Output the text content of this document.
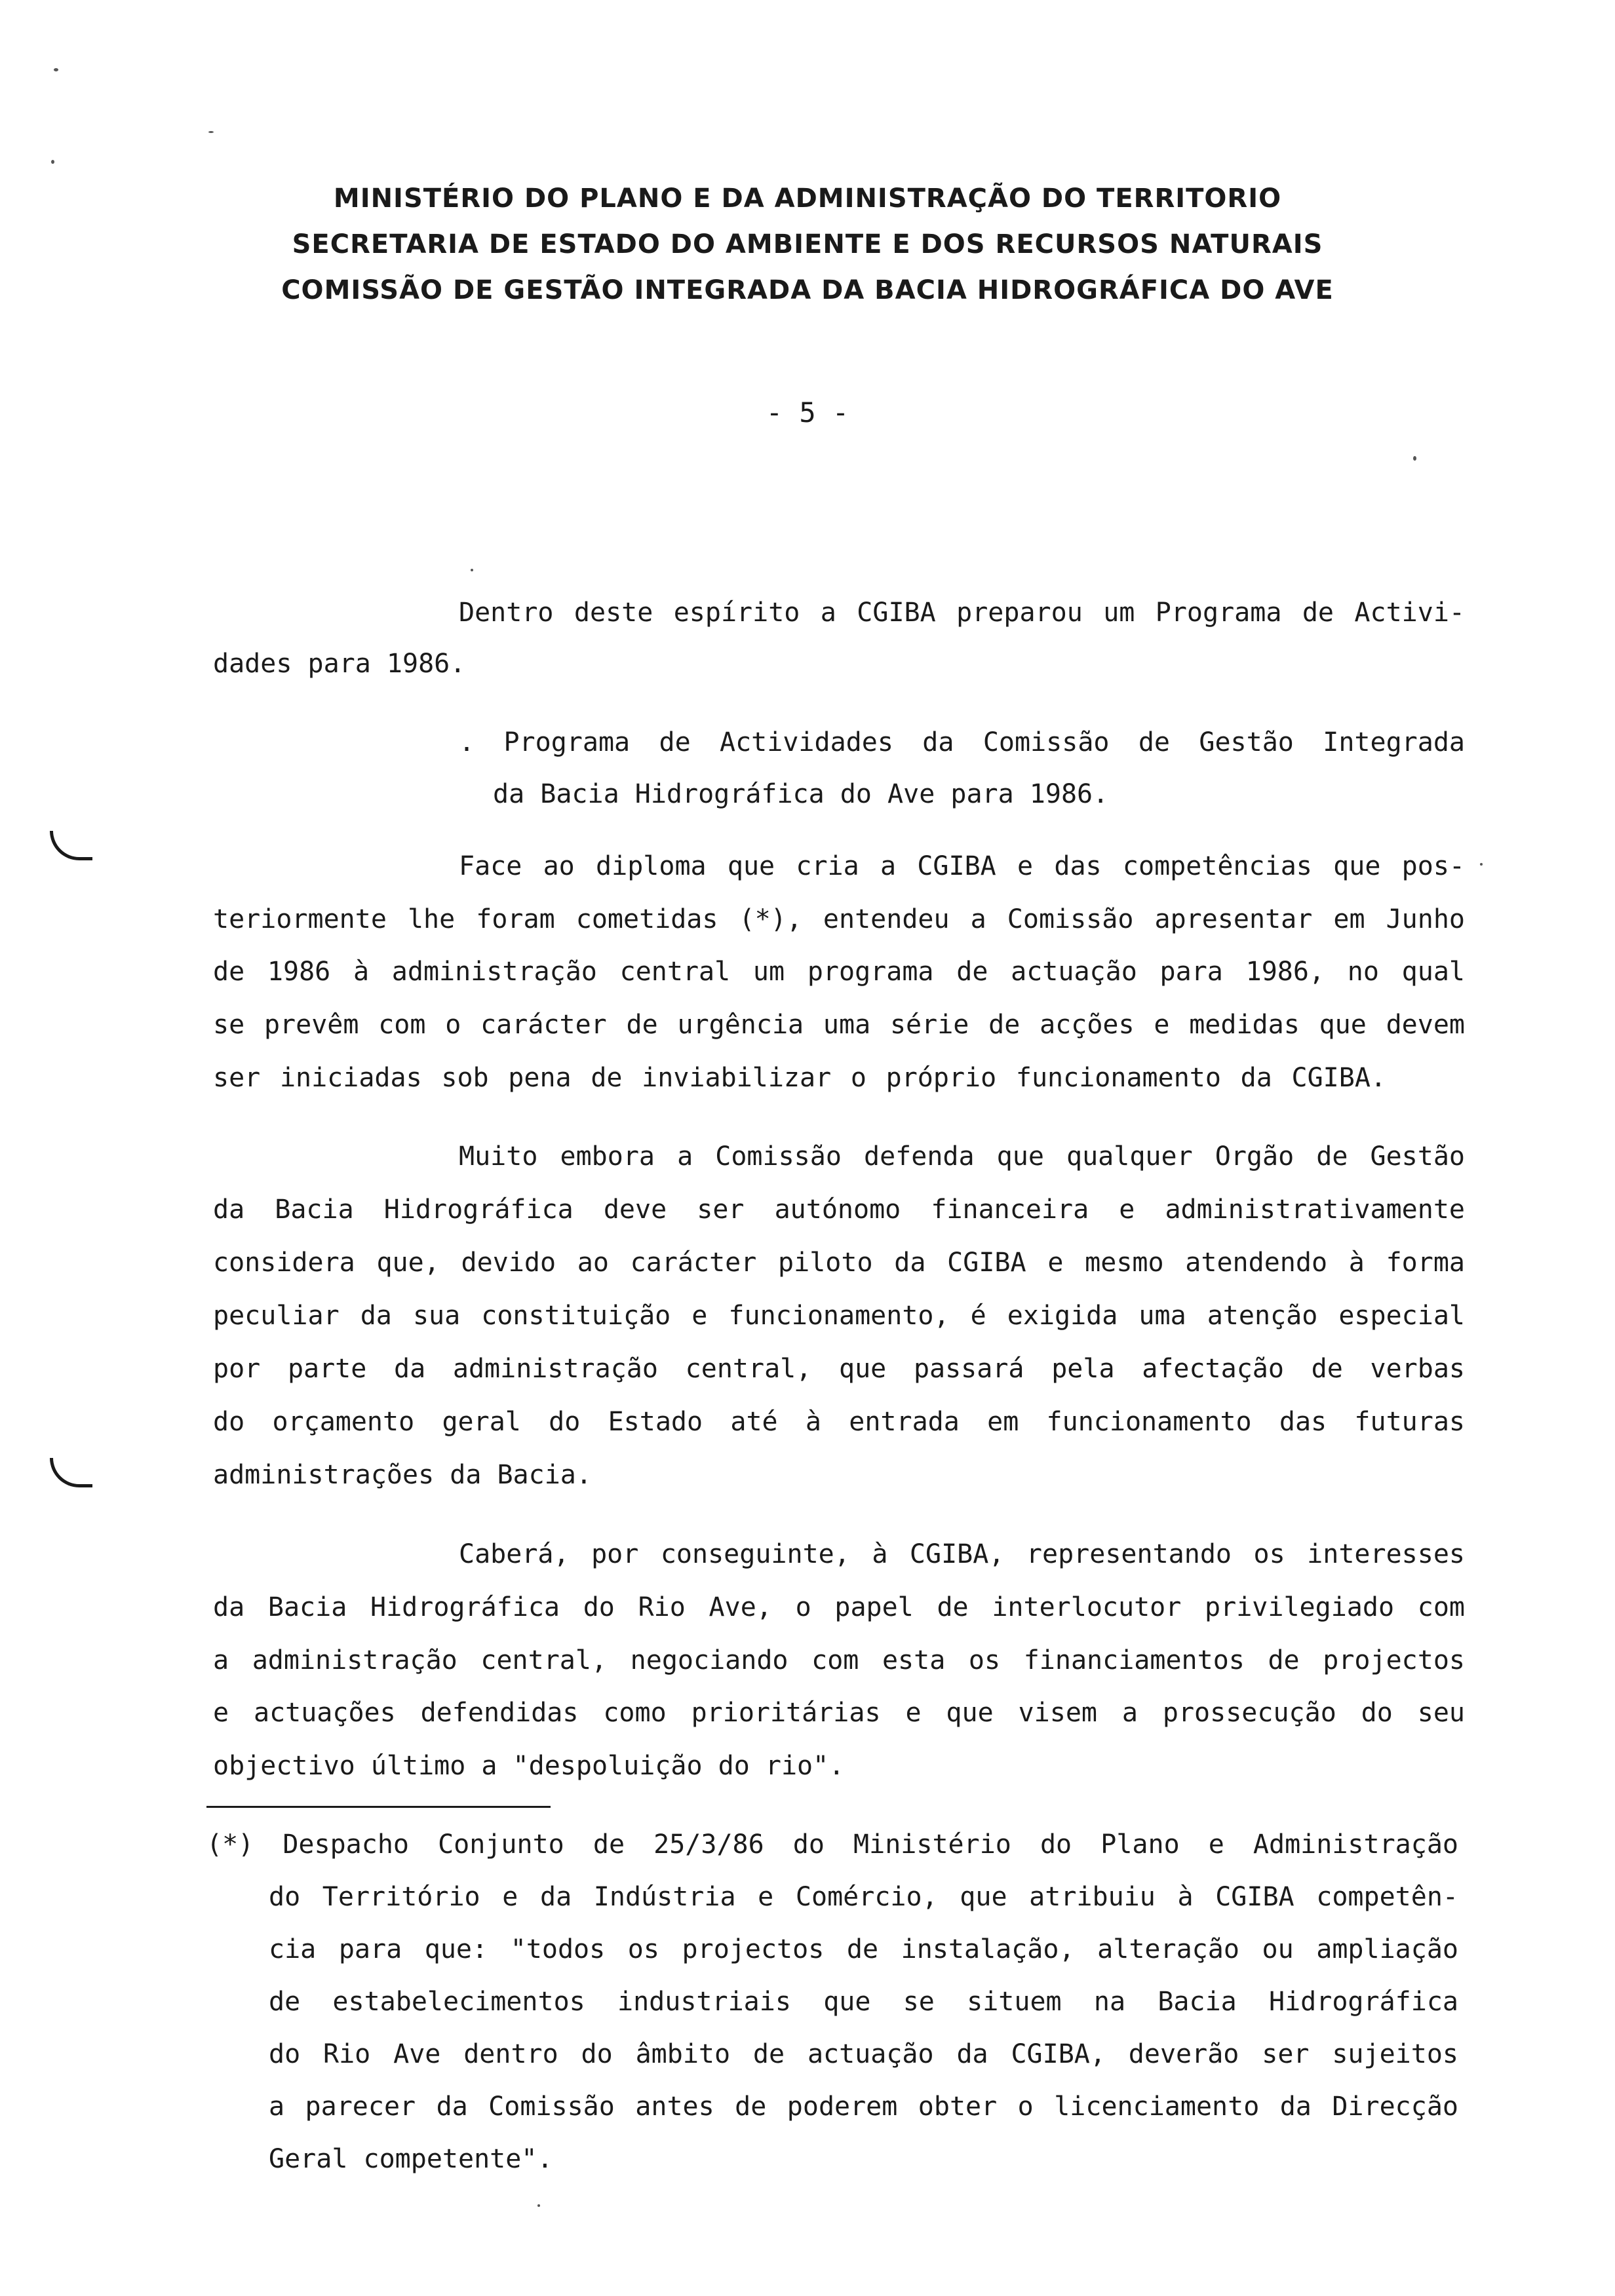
MINISTÉRIO DO PLANO E DA ADMINISTRAÇÃO DO TERRITORIO
SECRETARIA DE ESTADO DO AMBIENTE E DOS RECURSOS NATURAIS
COMISSÃO DE GESTÃO INTEGRADA DA BACIA HIDROGRÁFICA DO AVE
- 5 -
Dentro deste espírito a CGIBA preparou um Programa de Activi-
dades para 1986.
. Programa de Actividades da Comissão de Gestão Integrada
da Bacia Hidrográfica do Ave para 1986.
Face ao diploma que cria a CGIBA e das competências que pos-
teriormente lhe foram cometidas (*), entendeu a Comissão apresentar em Junho
de 1986 à administração central um programa de actuação para 1986, no qual
se prevêm com o carácter de urgência uma série de acções e medidas que devem
ser iniciadas sob pena de inviabilizar o próprio funcionamento da CGIBA.
Muito embora a Comissão defenda que qualquer Orgão de Gestão
da Bacia Hidrográfica deve ser autónomo financeira e administrativamente
considera que, devido ao carácter piloto da CGIBA e mesmo atendendo à forma
peculiar da sua constituição e funcionamento, é exigida uma atenção especial
por parte da administração central, que passará pela afectação de verbas
do orçamento geral do Estado até à entrada em funcionamento das futuras
administrações da Bacia.
Caberá, por conseguinte, à CGIBA, representando os interesses
da Bacia Hidrográfica do Rio Ave, o papel de interlocutor privilegiado com
a administração central, negociando com esta os financiamentos de projectos
e actuações defendidas como prioritárias e que visem a prossecução do seu
objectivo último a "despoluição do rio".
(*) Despacho Conjunto de 25/3/86 do Ministério do Plano e Administração
do Território e da Indústria e Comércio, que atribuiu à CGIBA competên-
cia para que: "todos os projectos de instalação, alteração ou ampliação
de estabelecimentos industriais que se situem na Bacia Hidrográfica
do Rio Ave dentro do âmbito de actuação da CGIBA, deverão ser sujeitos
a parecer da Comissão antes de poderem obter o licenciamento da Direcção
Geral competente".
